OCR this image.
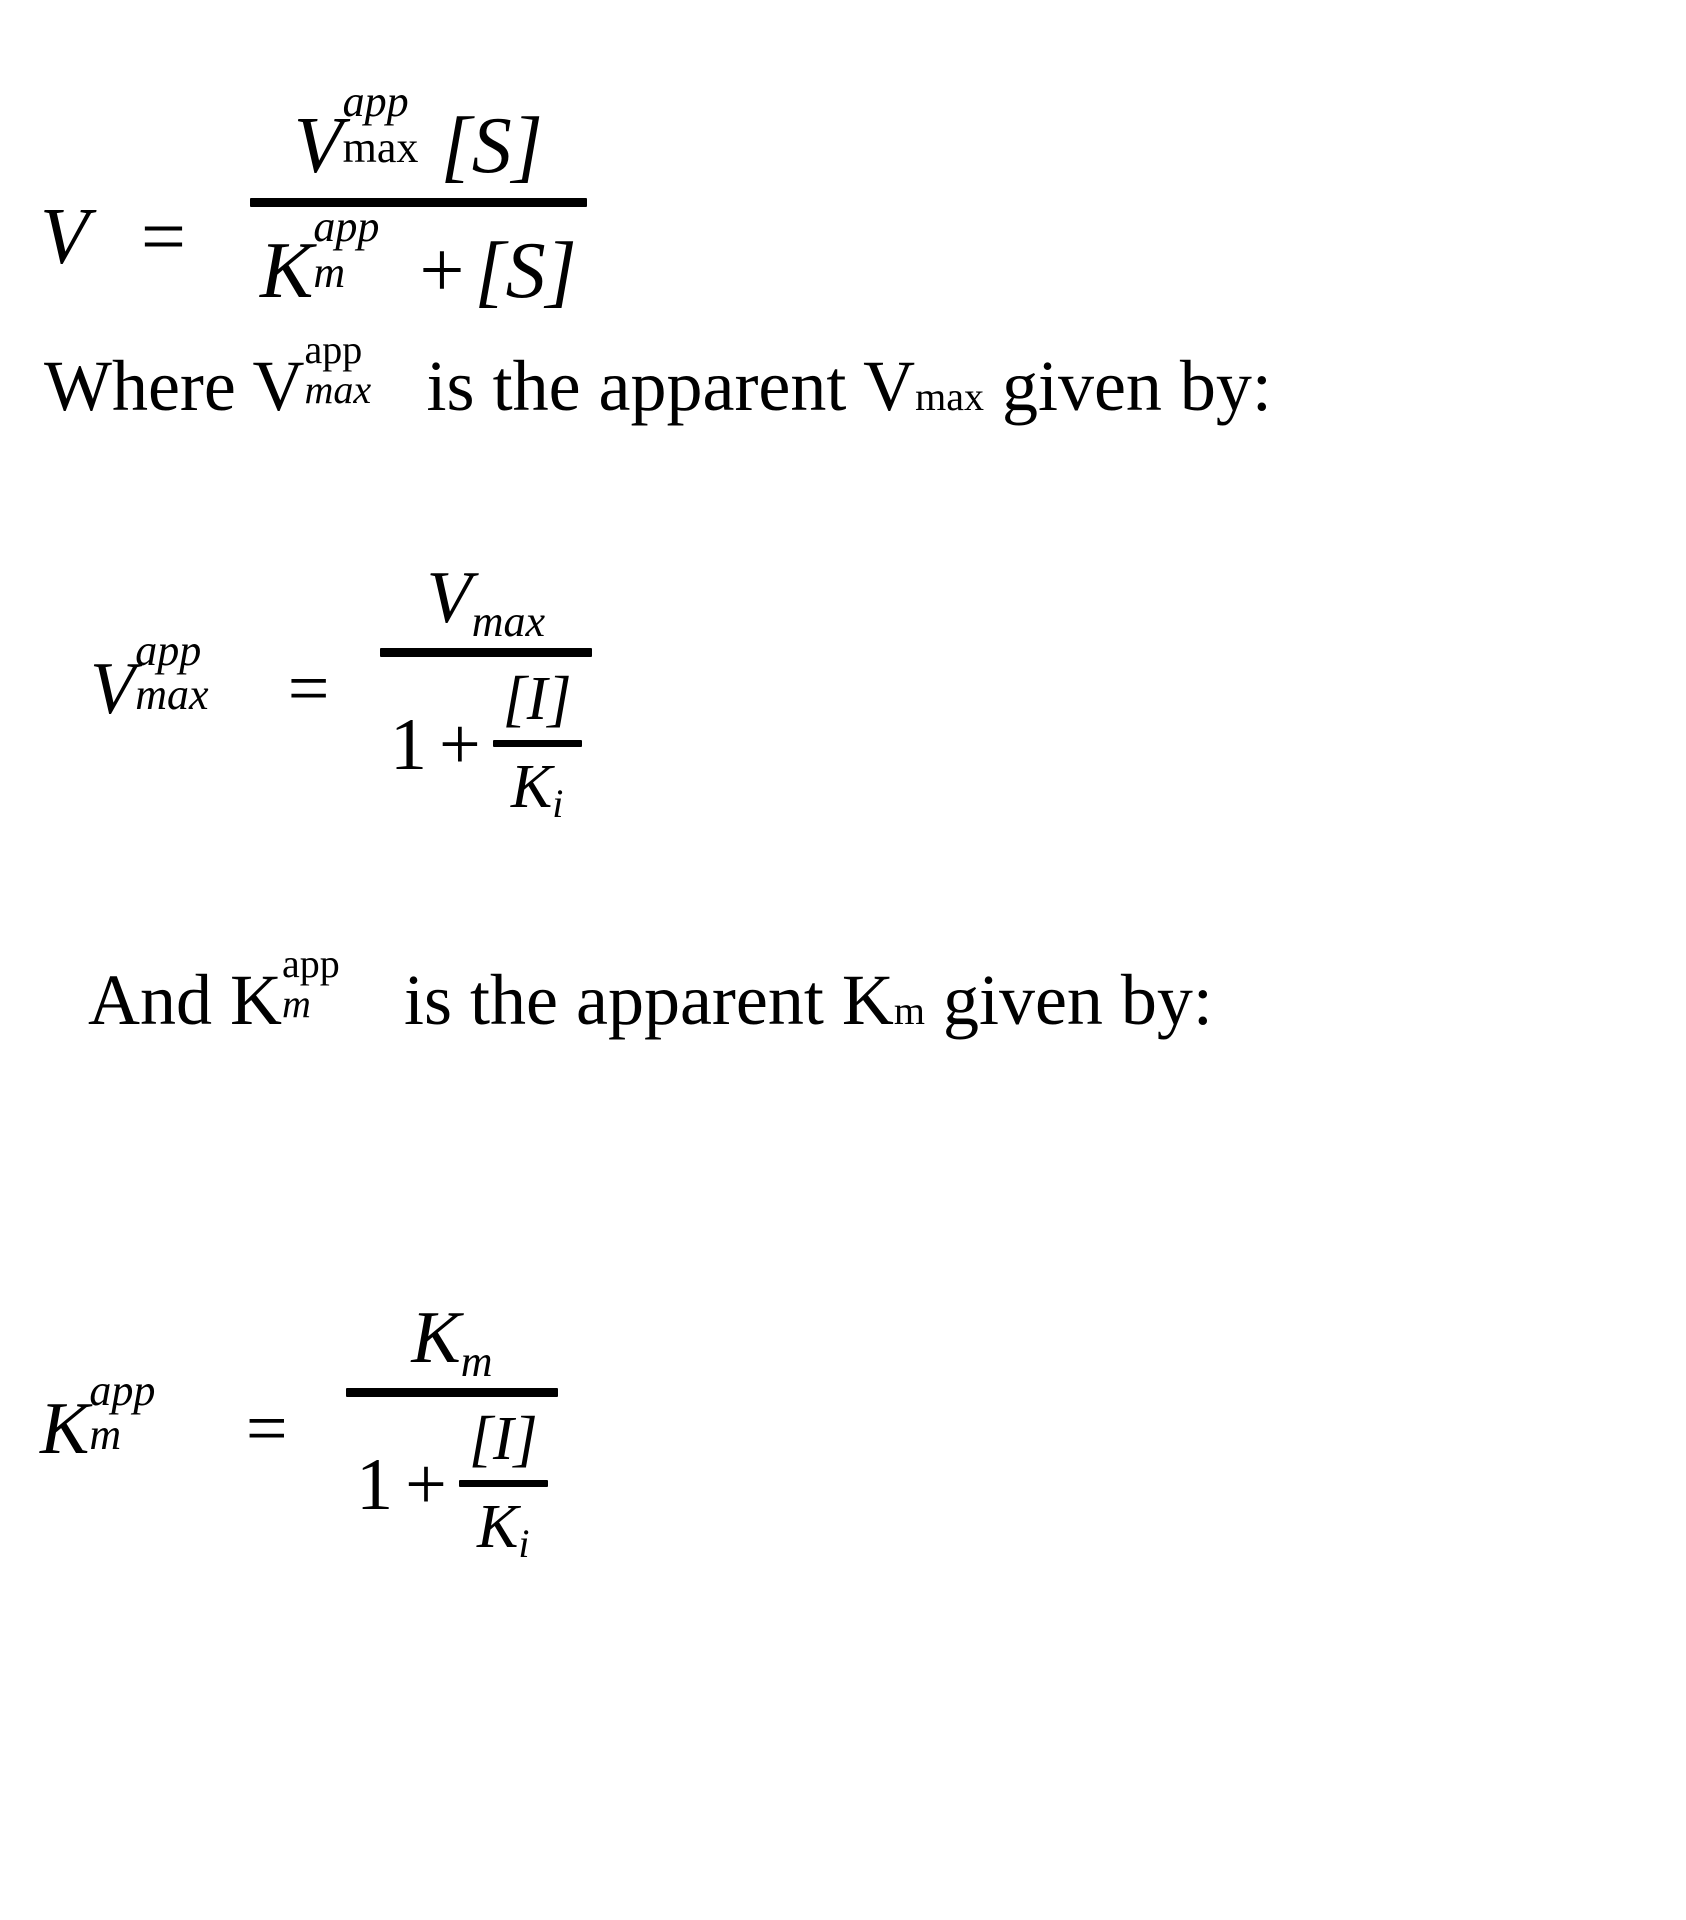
V =
V
app
max [S]
K
app
m + [S]
Where V app
max is the apparent Vmax given by:
V app
max =
Vmax
1 +
[I]
Ki
And K app
m is the apparent Km given by:
K app
m =
Km
1 +
[I]
Ki
